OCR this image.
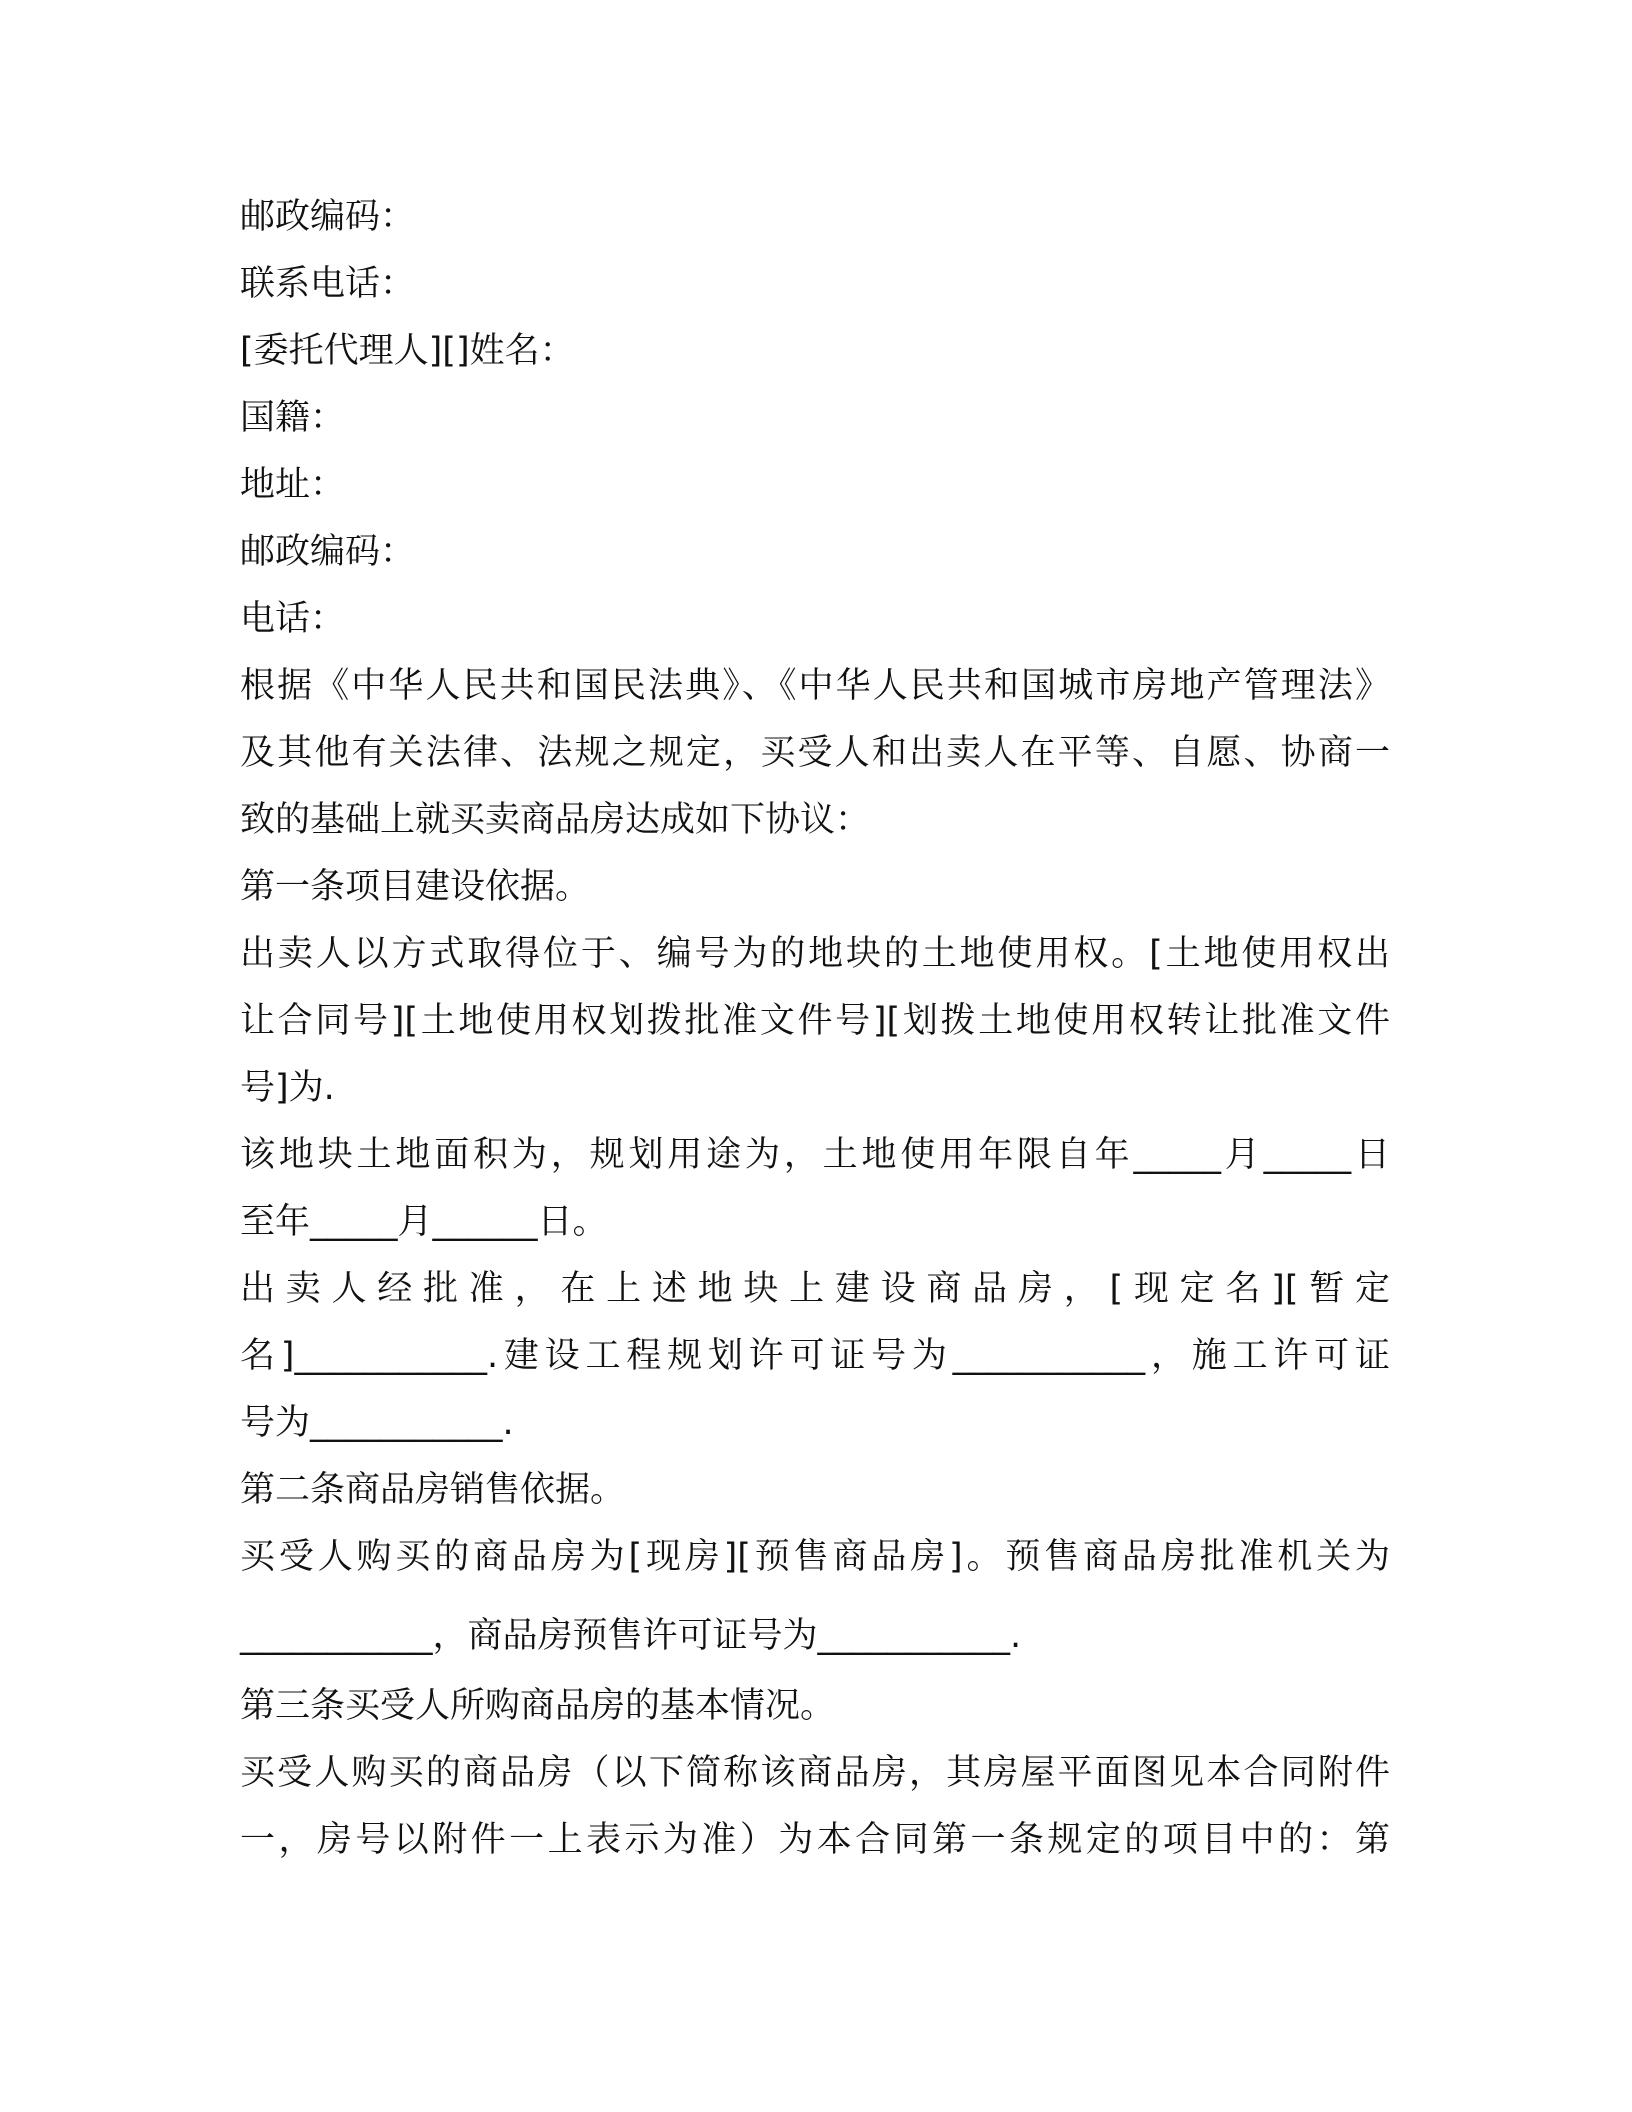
邮政编码：

联系电话：

[委托代理人][]姓名：

国籍：

地址：

邮政编码：

电话：

根据《中华人民共和国民法典》、《中华人民共和国城市房地产管理法》

及其他有关法律、法规之规定，买受人和出卖人在平等、自愿、协商一

致的基础上就买卖商品房达成如下协议：

第一条项目建设依据。

出卖人以方式取得位于、编号为的地块的土地使用权。[土地使用权出

让合同号][土地使用权划拨批准文件号][划拨土地使用权转让批准文件

号]为.

该地块土地面积为，规划用途为，土地使用年限自年_____月_____日

至年_____月______日。

出卖人经批准，在上述地块上建设商品房，[现定名][暂定

名]___________.建设工程规划许可证号为___________，施工许可证

号为___________.

第二条商品房销售依据。

买受人购买的商品房为[现房][预售商品房]。预售商品房批准机关为

___________，商品房预售许可证号为___________.

第三条买受人所购商品房的基本情况。

买受人购买的商品房（以下简称该商品房，其房屋平面图见本合同附件

一，房号以附件一上表示为准）为本合同第一条规定的项目中的：第
